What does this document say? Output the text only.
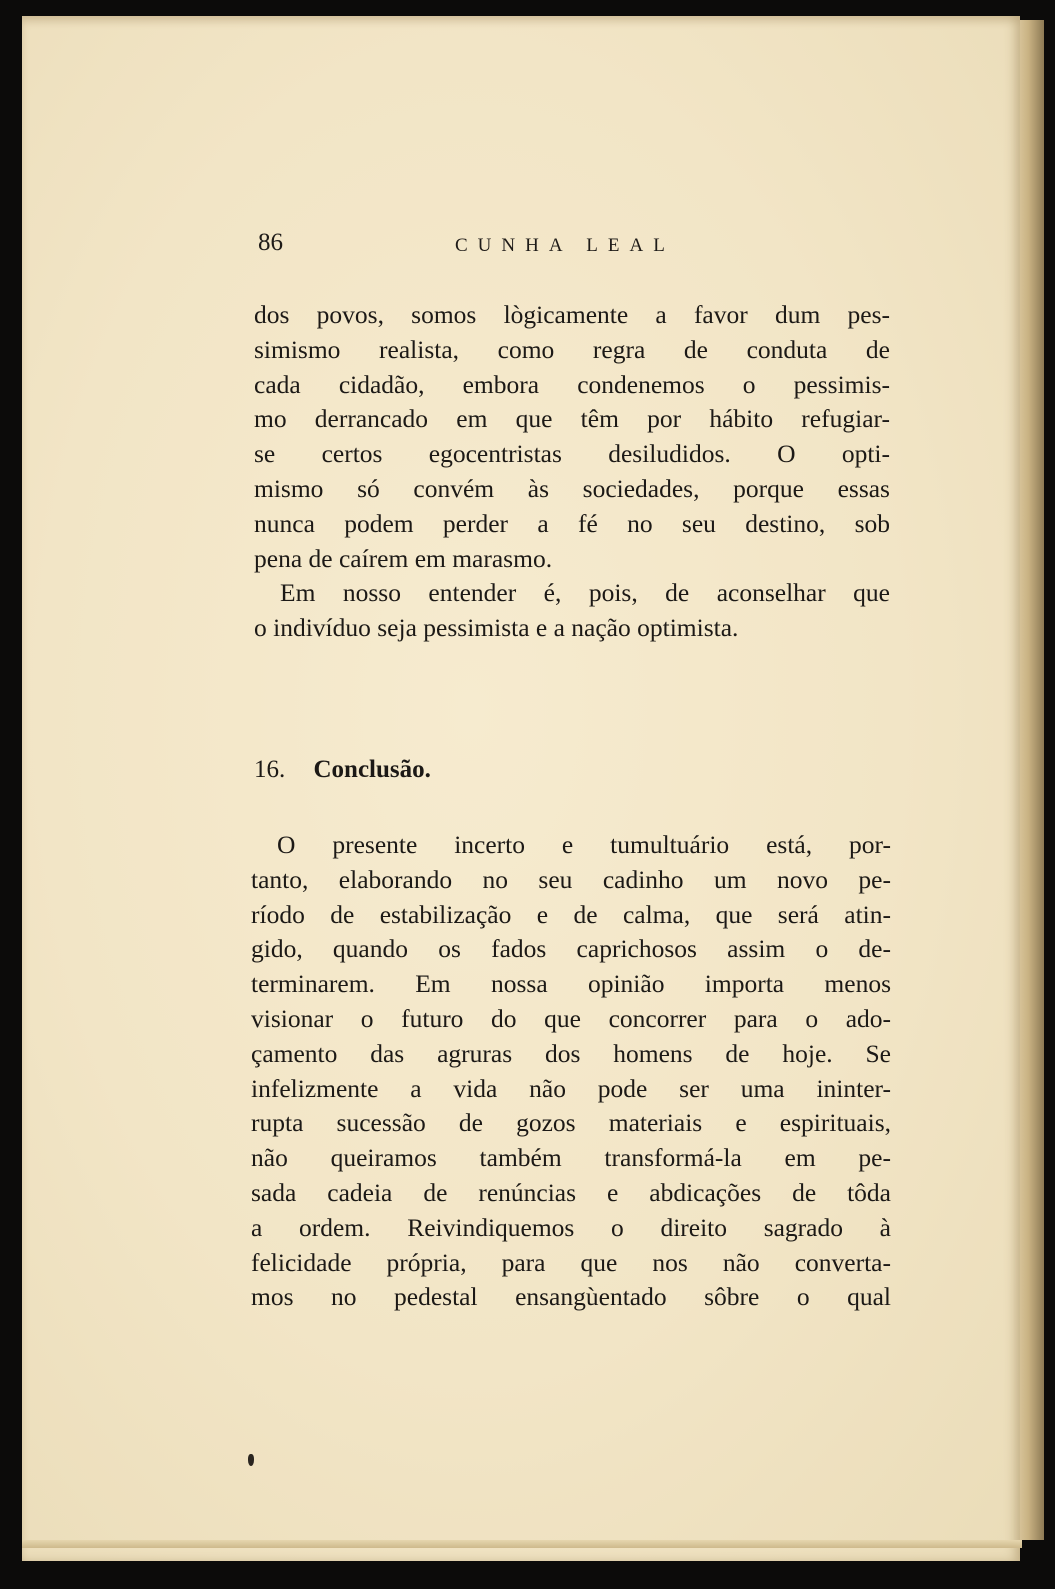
86	CUNHA LEAL
dos povos, somos lògicamente a favor dum pes-
simismo realista, como regra de conduta de
cada cidadão, embora condenemos o pessimis-
mo derrancado em que têm por hábito refugiar-
se certos egocentristas desiludidos. O opti-
mismo só convém às sociedades, porque essas
nunca podem perder a fé no seu destino, sob
pena de caírem em marasmo.
Em nosso entender é, pois, de aconselhar que
o indivíduo seja pessimista e a nação optimista.
16. Conclusão.
O presente incerto e tumultuário está, por-
tanto, elaborando no seu cadinho um novo pe-
ríodo de estabilização e de calma, que será atin-
gido, quando os fados caprichosos assim o de-
terminarem. Em nossa opinião importa menos
visionar o futuro do que concorrer para o ado-
çamento das agruras dos homens de hoje. Se
infelizmente a vida não pode ser uma ininter-
rupta sucessão de gozos materiais e espirituais,
não queiramos também transformá-la em pe-
sada cadeia de renúncias e abdicações de tôda
a ordem. Reivindiquemos o direito sagrado à
felicidade própria, para que nos não converta-
mos no pedestal ensangùentado sôbre o qual
